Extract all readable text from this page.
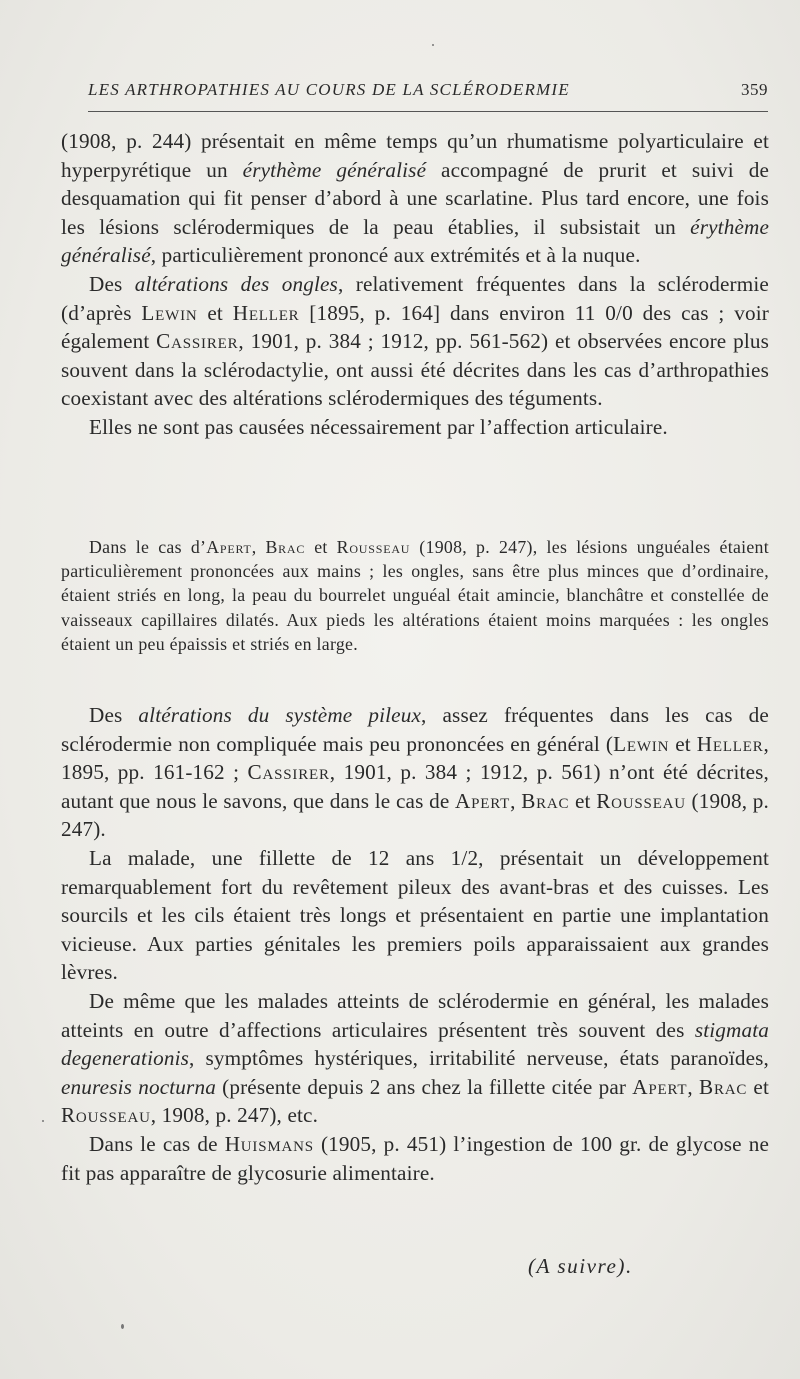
LES ARTHROPATHIES AU COURS DE LA SCLÉRODERMIE	359

(1908, p. 244) présentait en même temps qu’un rhumatisme polyarticulaire et hyperpyrétique un érythème généralisé accompagné de prurit et suivi de desquamation qui fit penser d’abord à une scarlatine. Plus tard encore, une fois les lésions sclérodermiques de la peau établies, il subsistait un érythème généralisé, particulièrement prononcé aux extrémités et à la nuque.

Des altérations des ongles, relativement fréquentes dans la sclérodermie (d’après Lewin et Heller [1895, p. 164] dans environ 11 0/0 des cas ; voir également Cassirer, 1901, p. 384 ; 1912, pp. 561-562) et observées encore plus souvent dans la sclérodactylie, ont aussi été décrites dans les cas d’arthropathies coexistant avec des altérations sclérodermiques des téguments.

Elles ne sont pas causées nécessairement par l’affection articulaire.

Dans le cas d’Apert, Brac et Rousseau (1908, p. 247), les lésions unguéales étaient particulièrement prononcées aux mains ; les ongles, sans être plus minces que d’ordinaire, étaient striés en long, la peau du bourrelet unguéal était amincie, blanchâtre et constellée de vaisseaux capillaires dilatés. Aux pieds les altérations étaient moins marquées : les ongles étaient un peu épaissis et striés en large.

Des altérations du système pileux, assez fréquentes dans les cas de sclérodermie non compliquée mais peu prononcées en général (Lewin et Heller, 1895, pp. 161-162 ; Cassirer, 1901, p. 384 ; 1912, p. 561) n’ont été décrites, autant que nous le savons, que dans le cas de Apert, Brac et Rousseau (1908, p. 247).

La malade, une fillette de 12 ans 1/2, présentait un développement remarquablement fort du revêtement pileux des avant-bras et des cuisses. Les sourcils et les cils étaient très longs et présentaient en partie une implantation vicieuse. Aux parties génitales les premiers poils apparaissaient aux grandes lèvres.

De même que les malades atteints de sclérodermie en général, les malades atteints en outre d’affections articulaires présentent très souvent des stigmata degenerationis, symptômes hystériques, irritabilité nerveuse, états paranoïdes, enuresis nocturna (présente depuis 2 ans chez la fillette citée par Apert, Brac et Rousseau, 1908, p. 247), etc.

Dans le cas de Huismans (1905, p. 451) l’ingestion de 100 gr. de glycose ne fit pas apparaître de glycosurie alimentaire.

(A suivre).
